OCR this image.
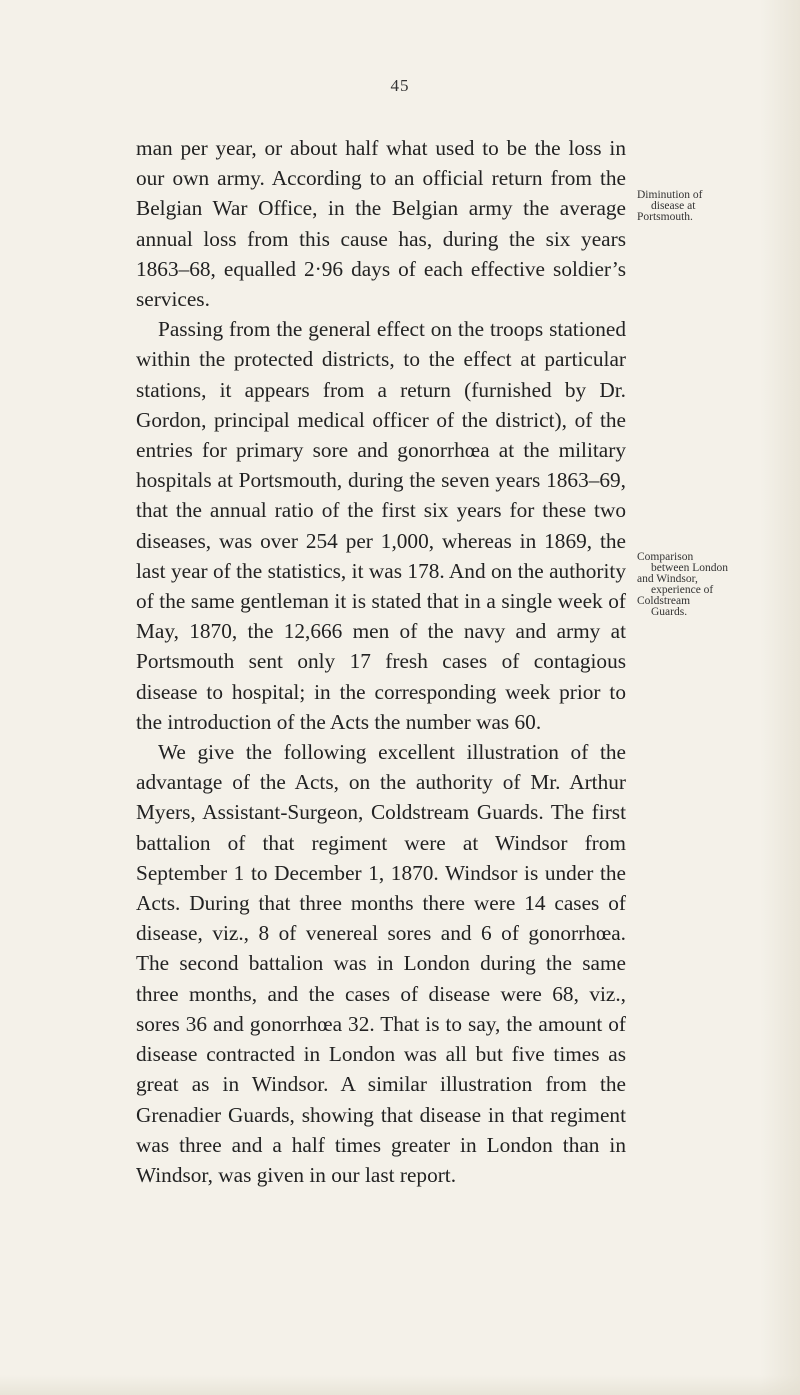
45

man per year, or about half what used to be the loss in our own army. According to an official return from the Belgian War Office, in the Belgian army the average annual loss from this cause has, during the six years 1863–68, equalled 2·96 days of each effective soldier’s services.

Passing from the general effect on the troops stationed within the protected districts, to the effect at particular stations, it appears from a return (furnished by Dr. Gordon, principal medical officer of the district), of the entries for primary sore and gonorrhœa at the military hospitals at Portsmouth, during the seven years 1863–69, that the annual ratio of the first six years for these two diseases, was over 254 per 1,000, whereas in 1869, the last year of the statistics, it was 178. And on the authority of the same gentleman it is stated that in a single week of May, 1870, the 12,666 men of the navy and army at Portsmouth sent only 17 fresh cases of contagious disease to hospital; in the corresponding week prior to the introduction of the Acts the number was 60.

We give the following excellent illustration of the advantage of the Acts, on the authority of Mr. Arthur Myers, Assistant-Surgeon, Coldstream Guards. The first battalion of that regiment were at Windsor from September 1 to December 1, 1870. Windsor is under the Acts. During that three months there were 14 cases of disease, viz., 8 of venereal sores and 6 of gonorrhœa. The second battalion was in London during the same three months, and the cases of disease were 68, viz., sores 36 and gonorrhœa 32. That is to say, the amount of disease contracted in London was all but five times as great as in Windsor. A similar illustration from the Grenadier Guards, showing that disease in that regiment was three and a half times greater in London than in Windsor, was given in our last report.

Diminution of
disease at
Portsmouth.
Comparison
between London
and Windsor,
experience of
Coldstream
Guards.
